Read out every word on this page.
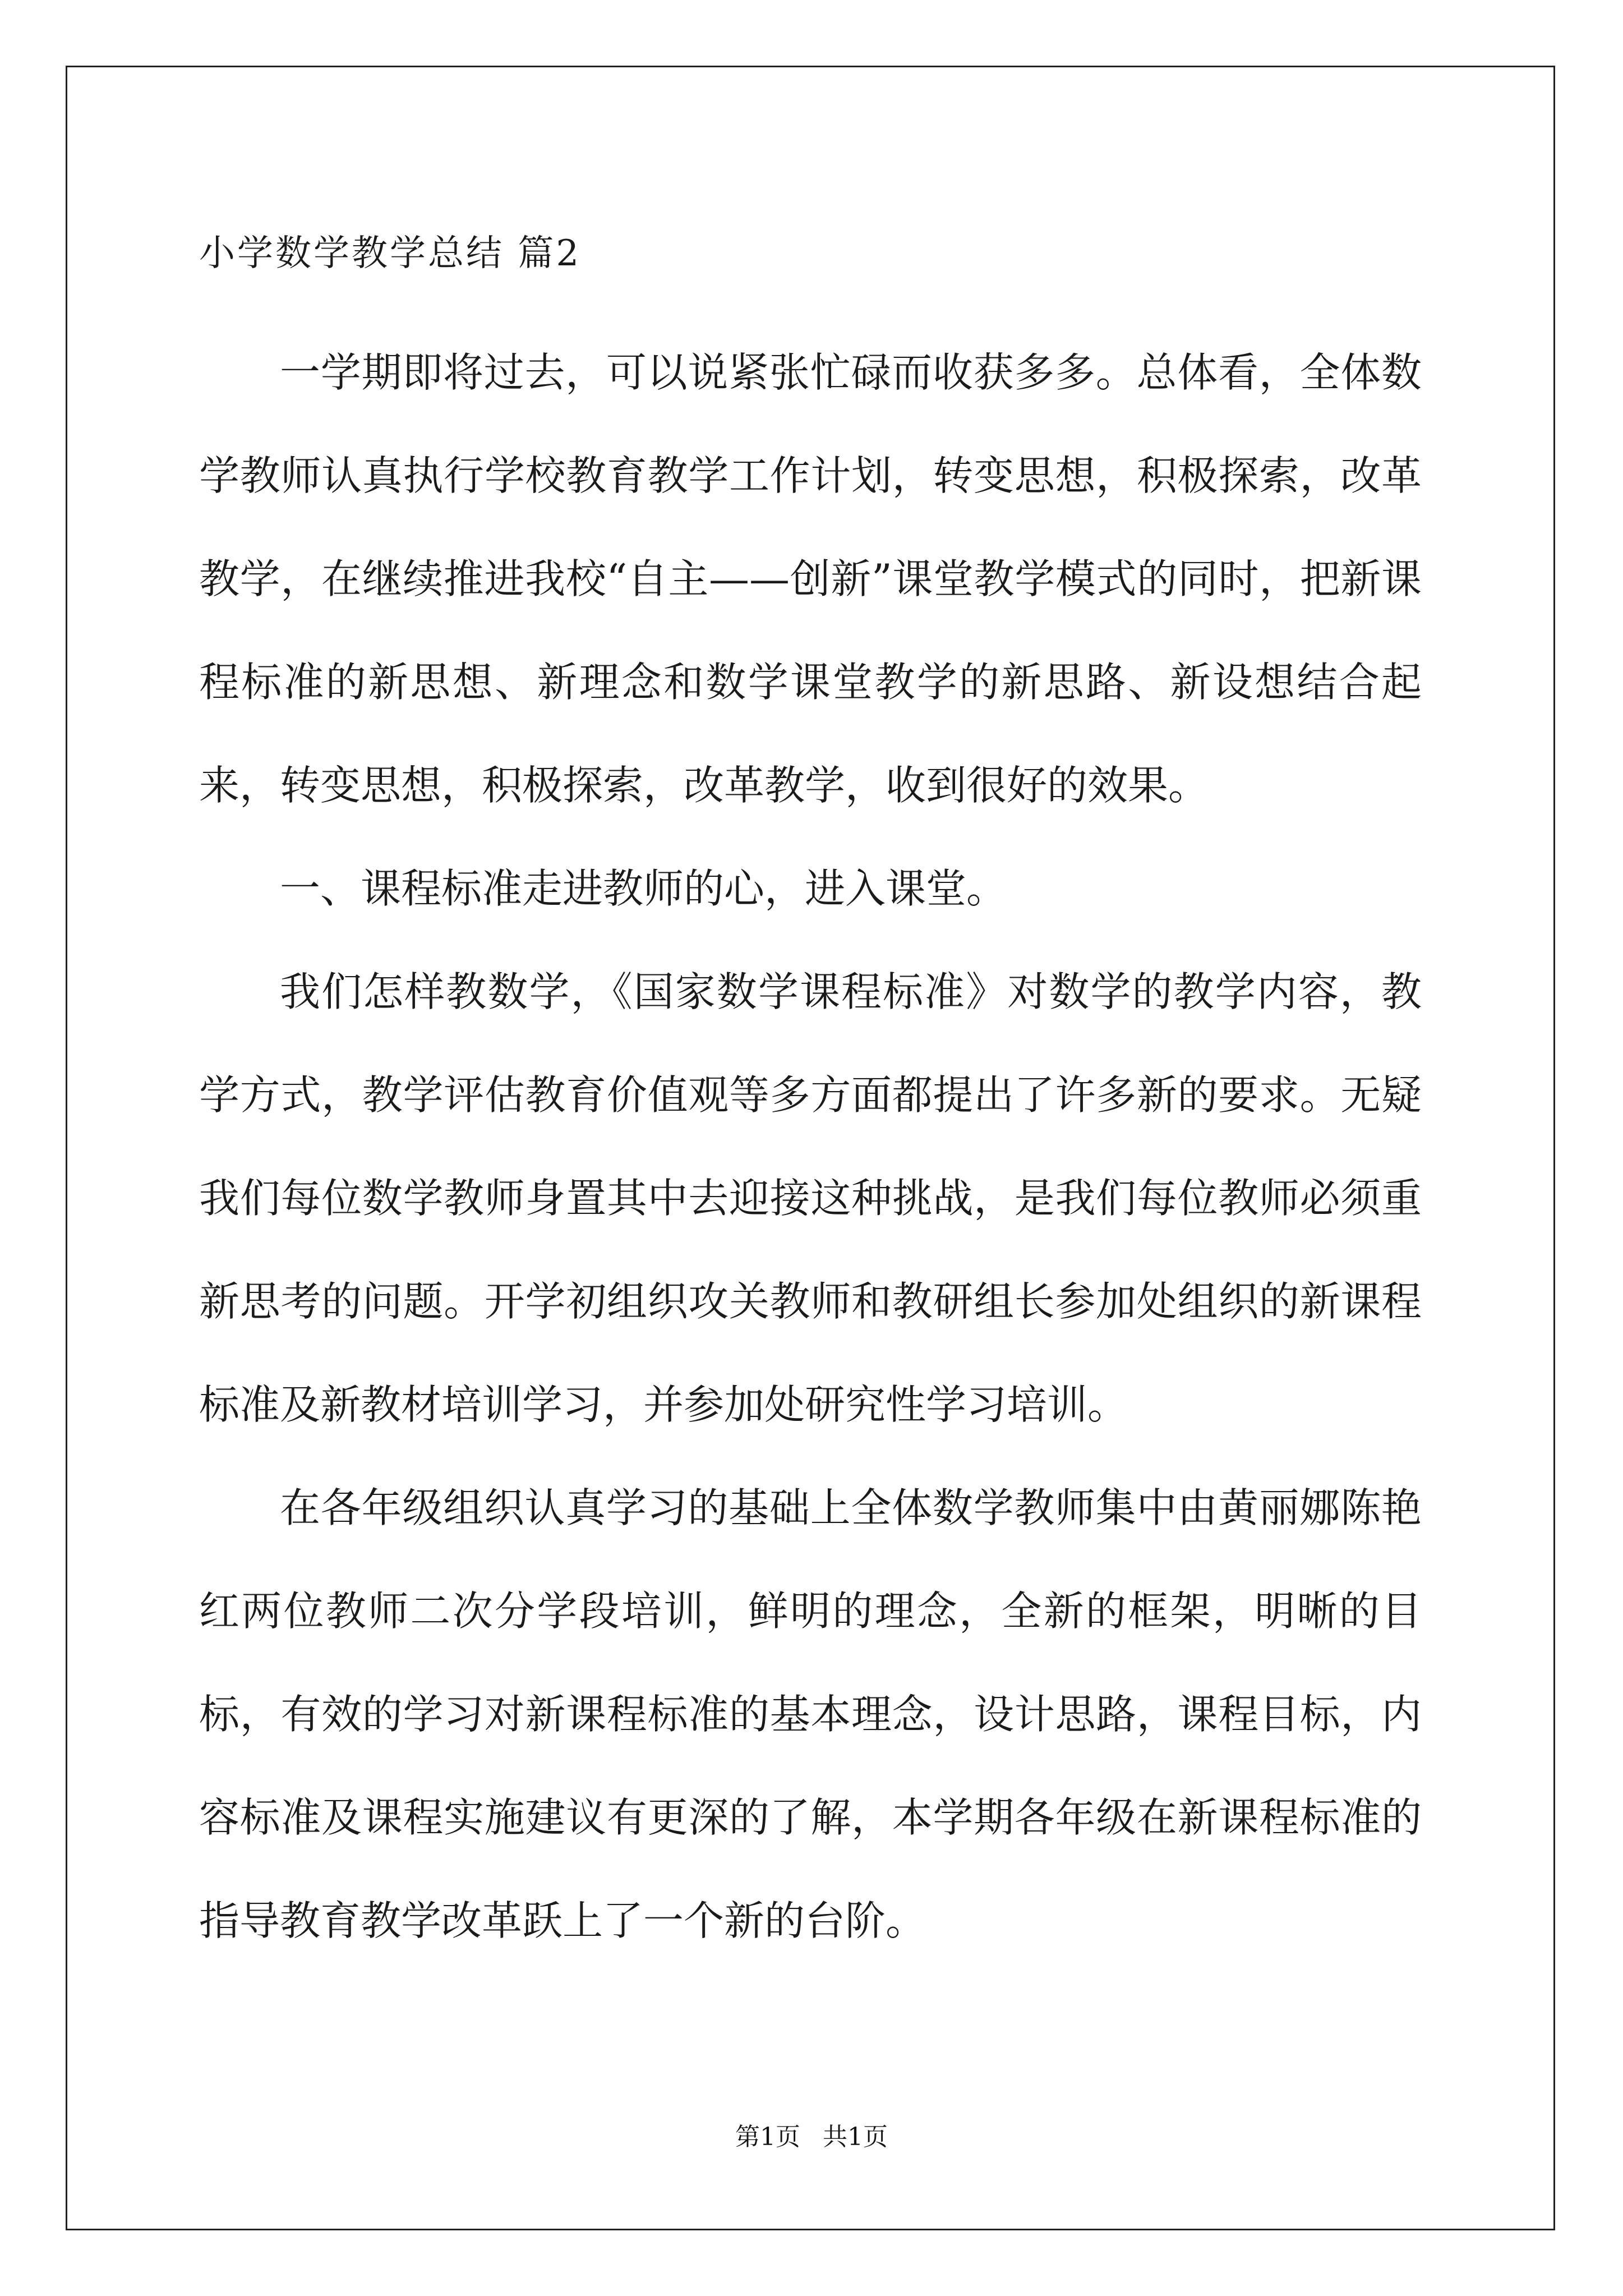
小学数学教学总结 篇2

一学期即将过去，可以说紧张忙碌而收获多多。总体看，全体数学教师认真执行学校教育教学工作计划，转变思想，积极探索，改革教学，在继续推进我校“自主——创新”课堂教学模式的同时，把新课程标准的新思想、新理念和数学课堂教学的新思路、新设想结合起来，转变思想，积极探索，改革教学，收到很好的效果。

一、课程标准走进教师的心，进入课堂。

我们怎样教数学，《国家数学课程标准》对数学的教学内容，教学方式，教学评估教育价值观等多方面都提出了许多新的要求。无疑我们每位数学教师身置其中去迎接这种挑战，是我们每位教师必须重新思考的问题。开学初组织攻关教师和教研组长参加处组织的新课程标准及新教材培训学习，并参加处研究性学习培训。

在各年级组织认真学习的基础上全体数学教师集中由黄丽娜陈艳红两位教师二次分学段培训，鲜明的理念，全新的框架，明晰的目标，有效的学习对新课程标准的基本理念，设计思路，课程目标，内容标准及课程实施建议有更深的了解，本学期各年级在新课程标准的指导教育教学改革跃上了一个新的台阶。

第1页 共1页
